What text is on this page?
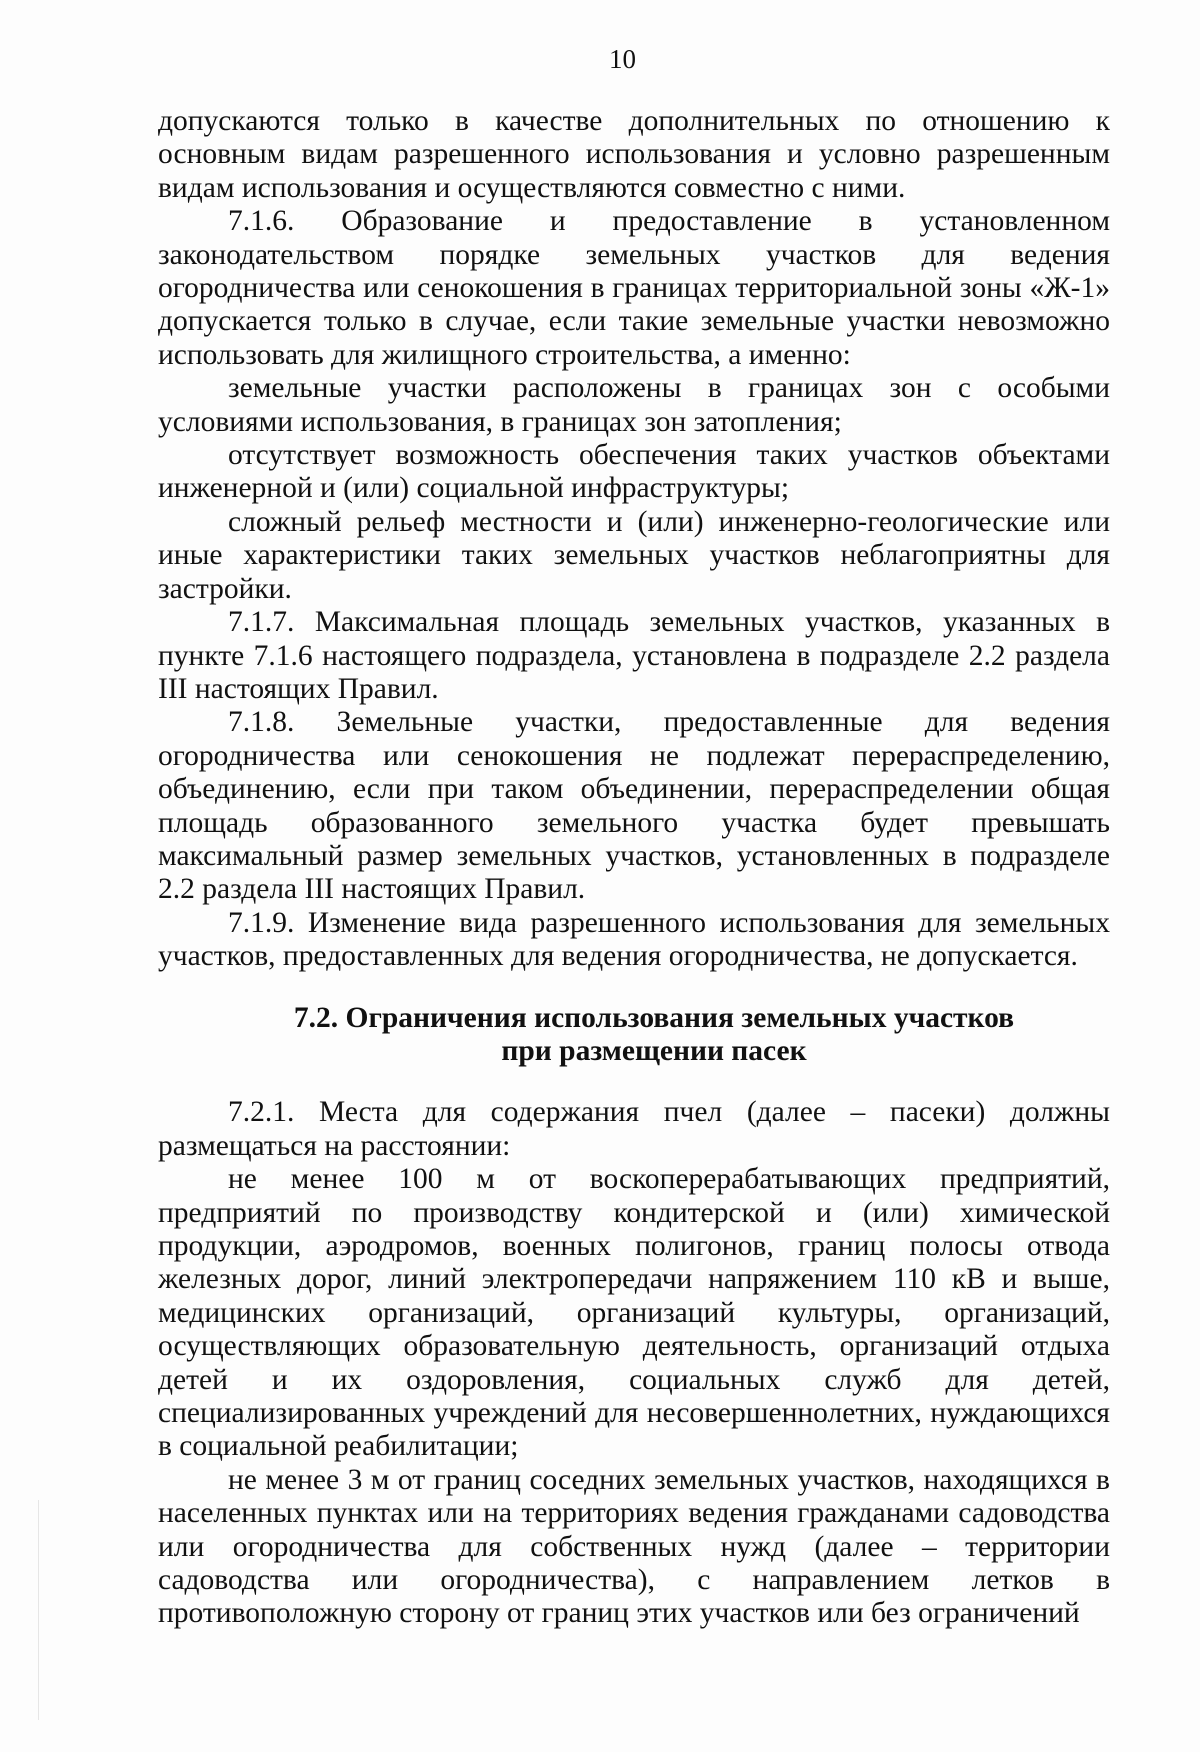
10

допускаются только в качестве дополнительных по отношению к основным видам разрешенного использования и условно разрешенным видам использования и осуществляются совместно с ними.

7.1.6. Образование и предоставление в установленном законодательством порядке земельных участков для ведения огородничества или сенокошения в границах территориальной зоны «Ж-1» допускается только в случае, если такие земельные участки невозможно использовать для жилищного строительства, а именно:

земельные участки расположены в границах зон с особыми условиями использования, в границах зон затопления;

отсутствует возможность обеспечения таких участков объектами инженерной и (или) социальной инфраструктуры;

сложный рельеф местности и (или) инженерно-геологические или иные характеристики таких земельных участков неблагоприятны для застройки.

7.1.7. Максимальная площадь земельных участков, указанных в пункте 7.1.6 настоящего подраздела, установлена в подразделе 2.2 раздела III настоящих Правил.

7.1.8. Земельные участки, предоставленные для ведения огородничества или сенокошения не подлежат перераспределению, объединению, если при таком объединении, перераспределении общая площадь образованного земельного участка будет превышать максимальный размер земельных участков, установленных в подразделе 2.2 раздела III настоящих Правил.

7.1.9. Изменение вида разрешенного использования для земельных участков, предоставленных для ведения огородничества, не допускается.

7.2. Ограничения использования земельных участков
при размещении пасек

7.2.1. Места для содержания пчел (далее – пасеки) должны размещаться на расстоянии:

не менее 100 м от воскоперерабатывающих предприятий, предприятий по производству кондитерской и (или) химической продукции, аэродромов, военных полигонов, границ полосы отвода железных дорог, линий электропередачи напряжением 110 кВ и выше, медицинских организаций, организаций культуры, организаций, осуществляющих образовательную деятельность, организаций отдыха детей и их оздоровления, социальных служб для детей, специализированных учреждений для несовершеннолетних, нуждающихся в социальной реабилитации;

не менее 3 м от границ соседних земельных участков, находящихся в населенных пунктах или на территориях ведения гражданами садоводства или огородничества для собственных нужд (далее – территории садоводства или огородничества), с направлением летков в противоположную сторону от границ этих участков или без ограничений
